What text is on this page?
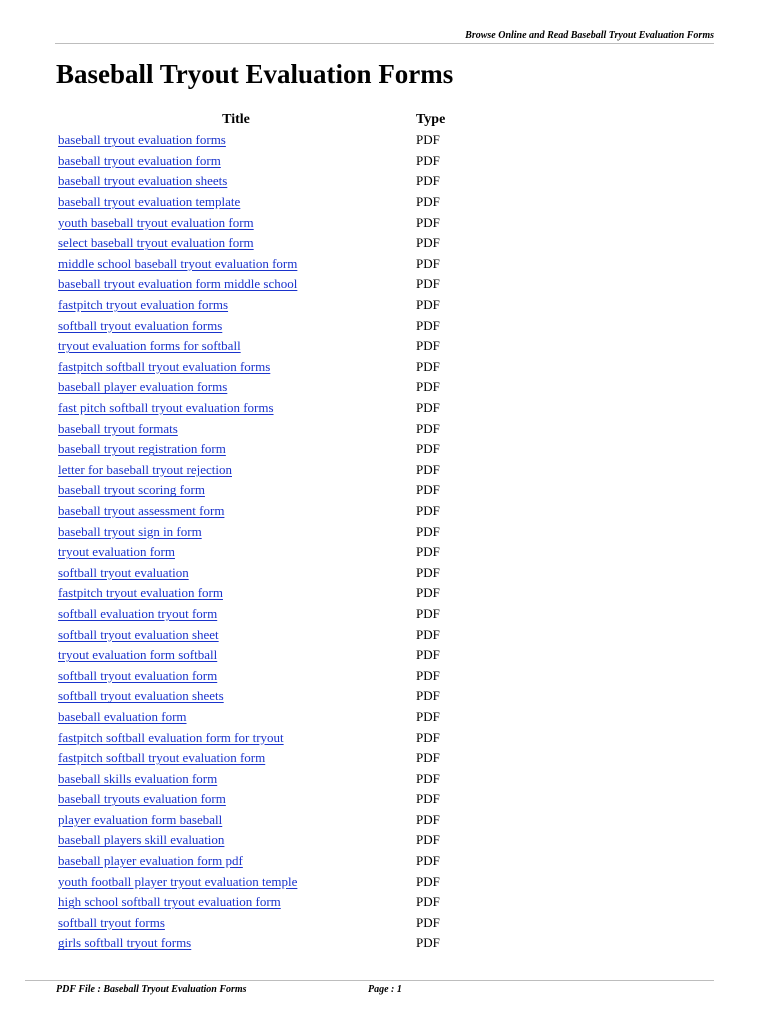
Browse Online and Read Baseball Tryout Evaluation Forms
Baseball Tryout Evaluation Forms
Title	Type
baseball tryout evaluation forms	PDF
baseball tryout evaluation form	PDF
baseball tryout evaluation sheets	PDF
baseball tryout evaluation template	PDF
youth baseball tryout evaluation form	PDF
select baseball tryout evaluation form	PDF
middle school baseball tryout evaluation form	PDF
baseball tryout evaluation form middle school	PDF
fastpitch tryout evaluation forms	PDF
softball tryout evaluation forms	PDF
tryout evaluation forms for softball	PDF
fastpitch softball tryout evaluation forms	PDF
baseball player evaluation forms	PDF
fast pitch softball tryout evaluation forms	PDF
baseball tryout formats	PDF
baseball tryout registration form	PDF
letter for baseball tryout rejection	PDF
baseball tryout scoring form	PDF
baseball tryout assessment form	PDF
baseball tryout sign in form	PDF
tryout evaluation form	PDF
softball tryout evaluation	PDF
fastpitch tryout evaluation form	PDF
softball evaluation tryout form	PDF
softball tryout evaluation sheet	PDF
tryout evaluation form softball	PDF
softball tryout evaluation form	PDF
softball tryout evaluation sheets	PDF
baseball evaluation form	PDF
fastpitch softball evaluation form for tryout	PDF
fastpitch softball tryout evaluation form	PDF
baseball skills evaluation form	PDF
baseball tryouts evaluation form	PDF
player evaluation form baseball	PDF
baseball players skill evaluation	PDF
baseball player evaluation form pdf	PDF
youth football player tryout evaluation temple	PDF
high school softball tryout evaluation form	PDF
softball tryout forms	PDF
girls softball tryout forms	PDF
PDF File : Baseball Tryout Evaluation Forms	Page : 1
